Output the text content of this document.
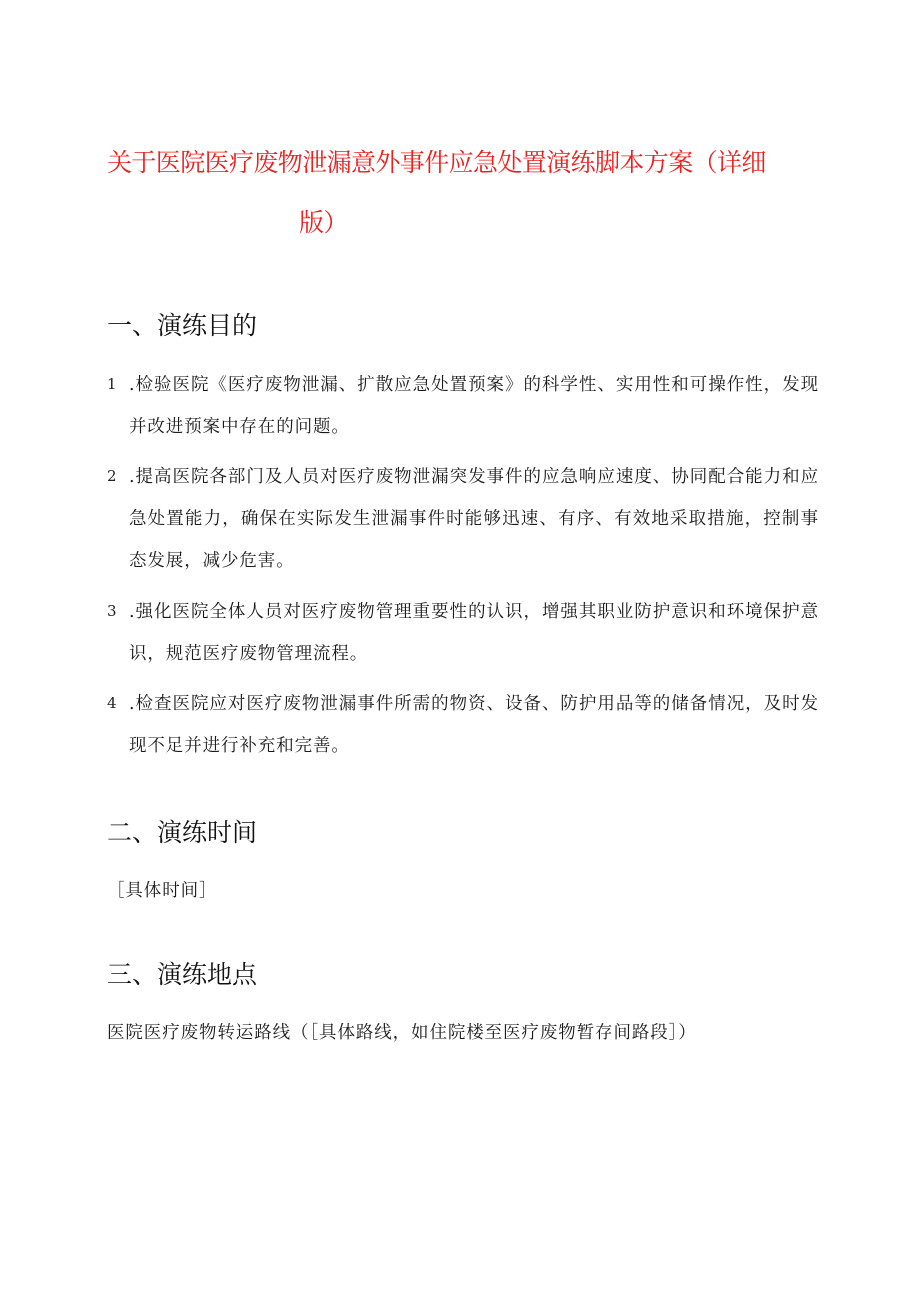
关于医院医疗废物泄漏意外事件应急处置演练脚本方案（详细
版）
一、演练目的
1 .检验医院《医疗废物泄漏、扩散应急处置预案》的科学性、实用性和可操作性，发现并改进预案中存在的问题。
2 .提高医院各部门及人员对医疗废物泄漏突发事件的应急响应速度、协同配合能力和应急处置能力，确保在实际发生泄漏事件时能够迅速、有序、有效地采取措施，控制事态发展，减少危害。
3 .强化医院全体人员对医疗废物管理重要性的认识，增强其职业防护意识和环境保护意识，规范医疗废物管理流程。
4 .检查医院应对医疗废物泄漏事件所需的物资、设备、防护用品等的储备情况，及时发现不足并进行补充和完善。
二、演练时间
［具体时间］
三、演练地点
医院医疗废物转运路线（［具体路线，如住院楼至医疗废物暂存间路段］）
